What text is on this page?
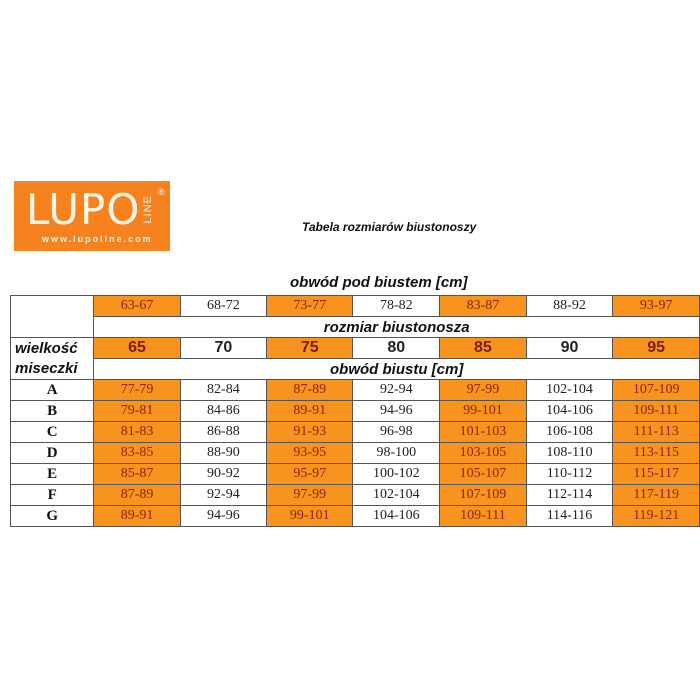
LUPO LINE
®
www.lupoline.com
Tabela rozmiarów biustonoszy
obwód pod biustem [cm]
	63-67	68-72	73-77	78-82	83-87	88-92	93-97
	rozmiar biustonosza						
wielkość	65	70	75	80	85	90	95
miseczki	obwód biustu [cm]						
A	77-79	82-84	87-89	92-94	97-99	102-104	107-109
B	79-81	84-86	89-91	94-96	99-101	104-106	109-111
C	81-83	86-88	91-93	96-98	101-103	106-108	111-113
D	83-85	88-90	93-95	98-100	103-105	108-110	113-115
E	85-87	90-92	95-97	100-102	105-107	110-112	115-117
F	87-89	92-94	97-99	102-104	107-109	112-114	117-119
G	89-91	94-96	99-101	104-106	109-111	114-116	119-121
